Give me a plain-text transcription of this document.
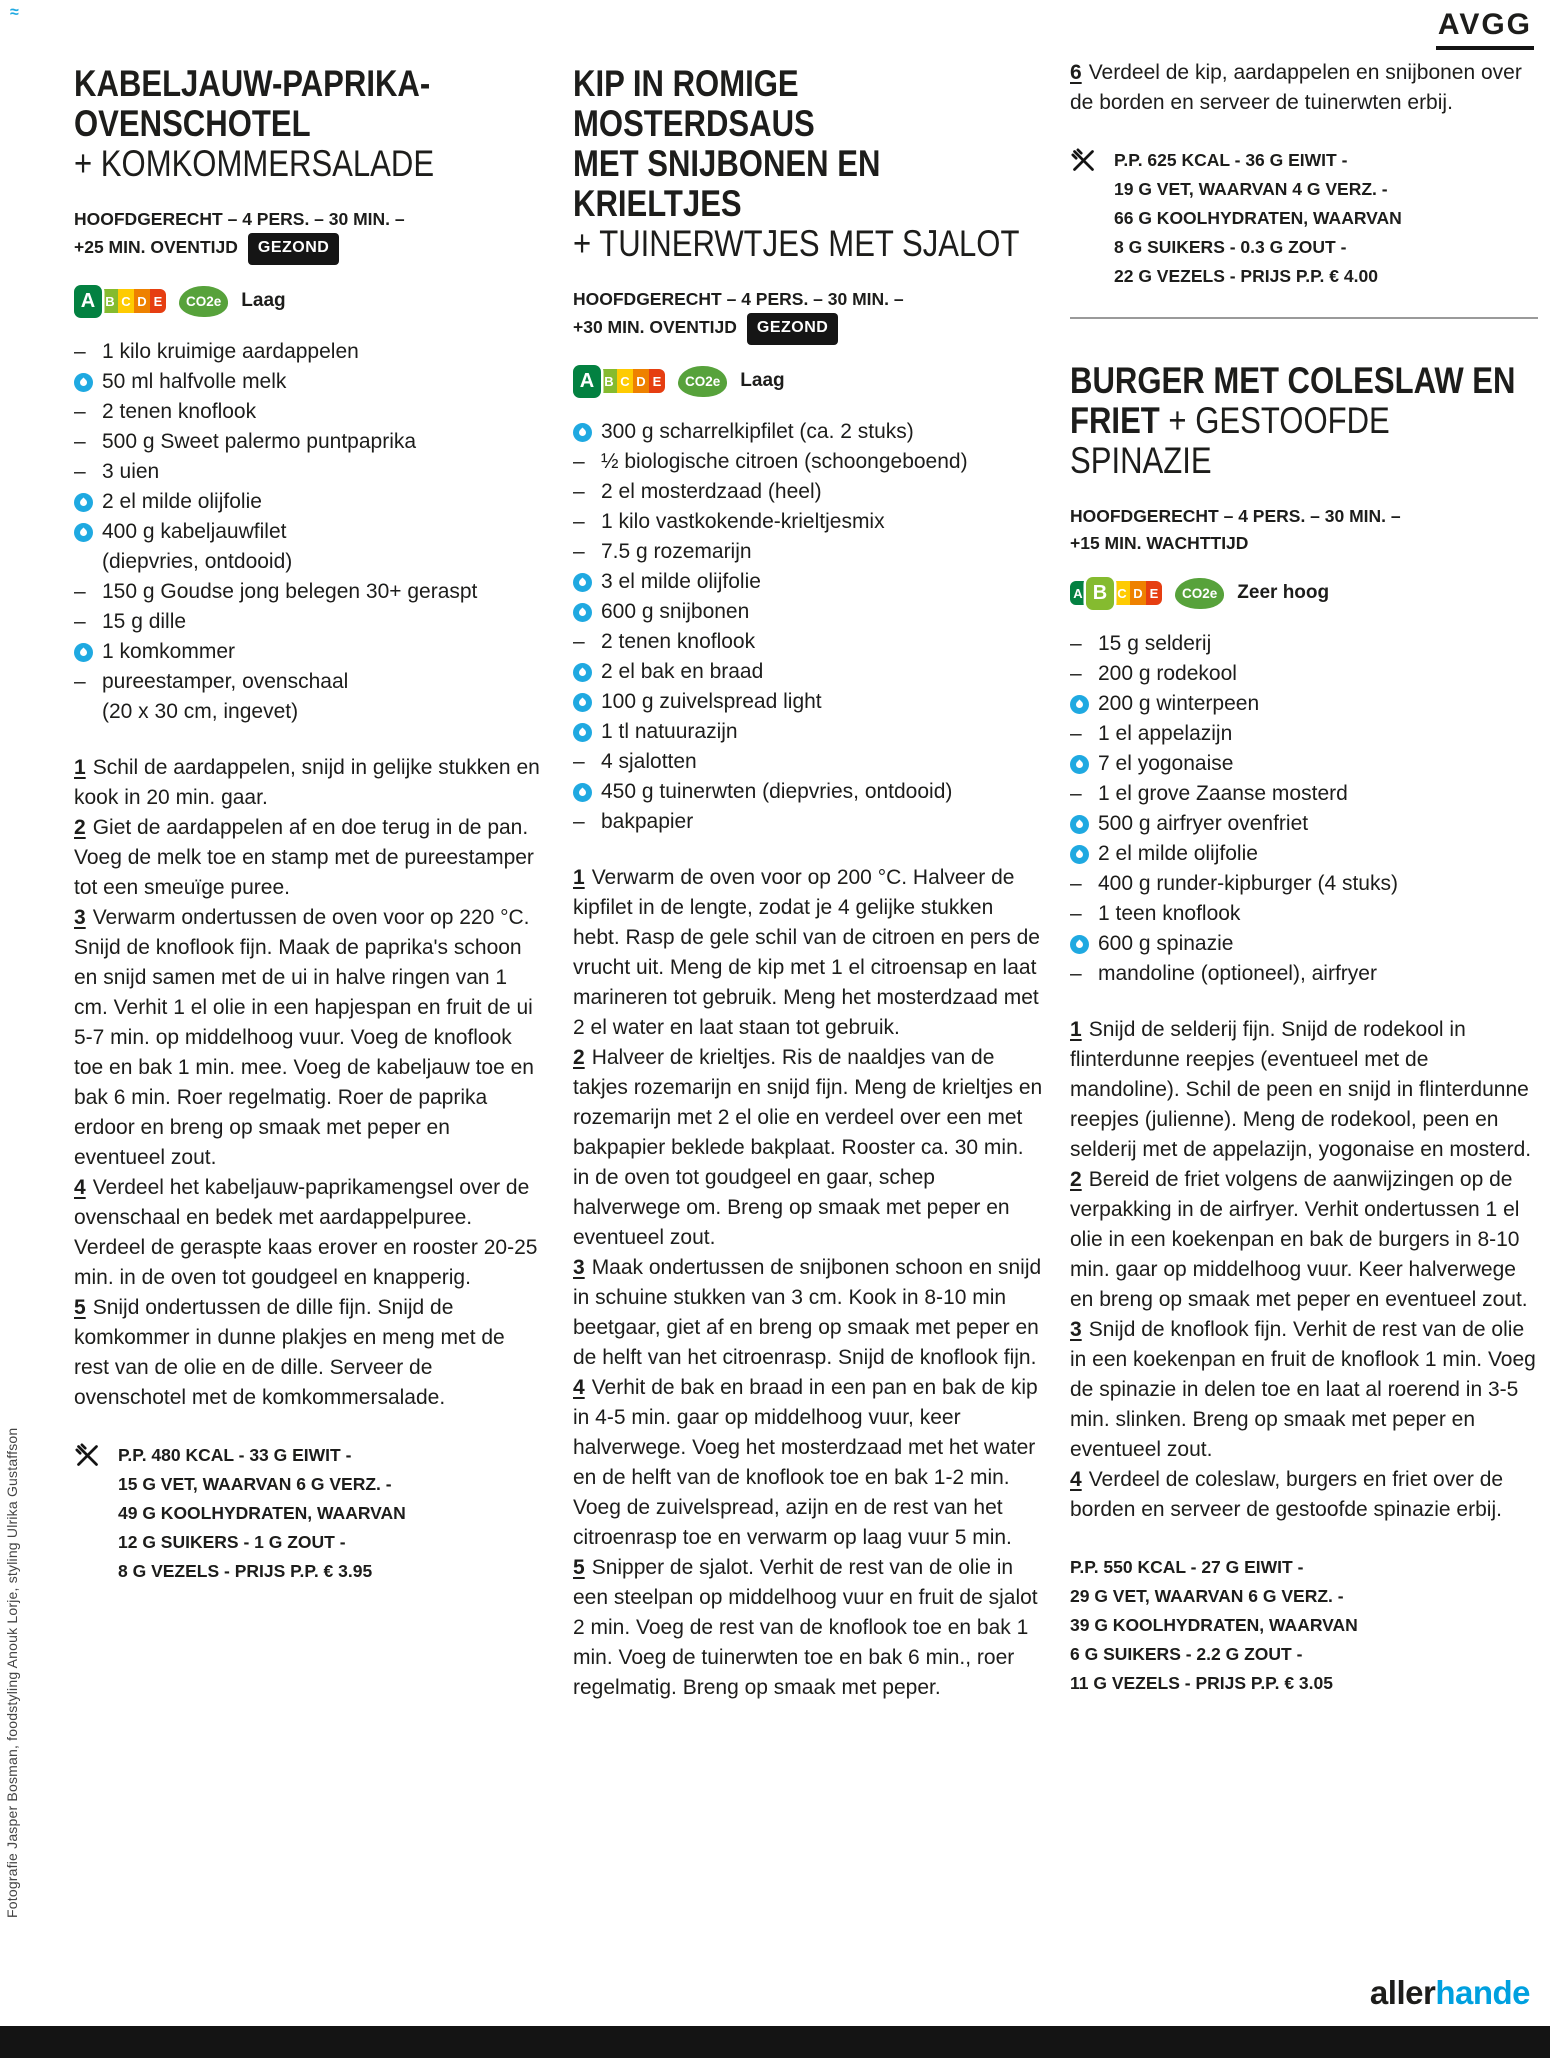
≈	AVGG
KABELJAUW-PAPRIKA-
OVENSCHOTEL
+ KOMKOMMERSALADE
HOOFDGERECHT – 4 PERS. – 30 MIN. –
+25 MIN. OVENTIJD GEZOND
A B C D E	CO2e	Laag
– 1 kilo kruimige aardappelen
50 ml halfvolle melk
– 2 tenen knoflook
– 500 g Sweet palermo puntpaprika
– 3 uien
2 el milde olijfolie
400 g kabeljauwfilet
(diepvries, ontdooid)
– 150 g Goudse jong belegen 30+ geraspt
– 15 g dille
1 komkommer
– pureestamper, ovenschaal
(20 x 30 cm, ingevet)

1 Schil de aardappelen, snijd in gelijke stukken en kook in 20 min. gaar.

2 Giet de aardappelen af en doe terug in de pan. Voeg de melk toe en stamp met de pureestamper tot een smeuïge puree.

3 Verwarm ondertussen de oven voor op 220 °C. Snijd de knoflook fijn. Maak de paprika's schoon en snijd samen met de ui in halve ringen van 1 cm. Verhit 1 el olie in een hapjespan en fruit de ui 5-7 min. op middelhoog vuur. Voeg de knoflook toe en bak 1 min. mee. Voeg de kabeljauw toe en bak 6 min. Roer regelmatig. Roer de paprika erdoor en breng op smaak met peper en eventueel zout.

4 Verdeel het kabeljauw-paprikamengsel over de ovenschaal en bedek met aardappelpuree. Verdeel de geraspte kaas erover en rooster 20-25 min. in de oven tot goudgeel en knapperig.

5 Snijd ondertussen de dille fijn. Snijd de komkommer in dunne plakjes en meng met de rest van de olie en de dille. Serveer de ovenschotel met de komkommersalade.

P.P. 480 KCAL - 33 G EIWIT -
15 G VET, WAARVAN 6 G VERZ. -
49 G KOOLHYDRATEN, WAARVAN
12 G SUIKERS - 1 G ZOUT -
8 G VEZELS - PRIJS P.P. € 3.95
KIP IN ROMIGE MOSTERDSAUS
MET SNIJBONEN EN KRIELTJES
+ TUINERWTJES MET SJALOT
HOOFDGERECHT – 4 PERS. – 30 MIN. –
+30 MIN. OVENTIJD GEZOND
A B C D E	CO2e	Laag
300 g scharrelkipfilet (ca. 2 stuks)
– ½ biologische citroen (schoongeboend)
– 2 el mosterdzaad (heel)
– 1 kilo vastkokende-krieltjesmix
– 7.5 g rozemarijn
3 el milde olijfolie
600 g snijbonen
– 2 tenen knoflook
2 el bak en braad
100 g zuivelspread light
1 tl natuurazijn
– 4 sjalotten
450 g tuinerwten (diepvries, ontdooid)
– bakpapier

1 Verwarm de oven voor op 200 °C. Halveer de kipfilet in de lengte, zodat je 4 gelijke stukken hebt. Rasp de gele schil van de citroen en pers de vrucht uit. Meng de kip met 1 el citroensap en laat marineren tot gebruik. Meng het mosterdzaad met 2 el water en laat staan tot gebruik.

2 Halveer de krieltjes. Ris de naaldjes van de takjes rozemarijn en snijd fijn. Meng de krieltjes en rozemarijn met 2 el olie en verdeel over een met bakpapier beklede bakplaat. Rooster ca. 30 min. in de oven tot goudgeel en gaar, schep halverwege om. Breng op smaak met peper en eventueel zout.

3 Maak ondertussen de snijbonen schoon en snijd in schuine stukken van 3 cm. Kook in 8-10 min beetgaar, giet af en breng op smaak met peper en de helft van het citroenrasp. Snijd de knoflook fijn.

4 Verhit de bak en braad in een pan en bak de kip in 4-5 min. gaar op middelhoog vuur, keer halverwege. Voeg het mosterdzaad met het water en de helft van de knoflook toe en bak 1-2 min. Voeg de zuivelspread, azijn en de rest van het citroenrasp toe en verwarm op laag vuur 5 min.

5 Snipper de sjalot. Verhit de rest van de olie in een steelpan op middelhoog vuur en fruit de sjalot 2 min. Voeg de rest van de knoflook toe en bak 1 min. Voeg de tuinerwten toe en bak 6 min., roer regelmatig. Breng op smaak met peper.

6 Verdeel de kip, aardappelen en snijbonen over de borden en serveer de tuinerwten erbij.

P.P. 625 KCAL - 36 G EIWIT -
19 G VET, WAARVAN 4 G VERZ. -
66 G KOOLHYDRATEN, WAARVAN
8 G SUIKERS - 0.3 G ZOUT -
22 G VEZELS - PRIJS P.P. € 4.00
BURGER MET COLESLAW EN
FRIET + GESTOOFDE SPINAZIE
HOOFDGERECHT – 4 PERS. – 30 MIN. –
+15 MIN. WACHTTIJD
A B C D E	CO2e	Zeer hoog
– 15 g selderij
– 200 g rodekool
200 g winterpeen
– 1 el appelazijn
7 el yogonaise
– 1 el grove Zaanse mosterd
500 g airfryer ovenfriet
2 el milde olijfolie
– 400 g runder-kipburger (4 stuks)
– 1 teen knoflook
600 g spinazie
– mandoline (optioneel), airfryer

1 Snijd de selderij fijn. Snijd de rodekool in flinterdunne reepjes (eventueel met de mandoline). Schil de peen en snijd in flinterdunne reepjes (julienne). Meng de rodekool, peen en selderij met de appelazijn, yogonaise en mosterd.

2 Bereid de friet volgens de aanwijzingen op de verpakking in de airfryer. Verhit ondertussen 1 el olie in een koekenpan en bak de burgers in 8-10 min. gaar op middelhoog vuur. Keer halverwege en breng op smaak met peper en eventueel zout.

3 Snijd de knoflook fijn. Verhit de rest van de olie in een koekenpan en fruit de knoflook 1 min. Voeg de spinazie in delen toe en laat al roerend in 3-5 min. slinken. Breng op smaak met peper en eventueel zout.

4 Verdeel de coleslaw, burgers en friet over de borden en serveer de gestoofde spinazie erbij.

P.P. 550 KCAL - 27 G EIWIT -
29 G VET, WAARVAN 6 G VERZ. -
39 G KOOLHYDRATEN, WAARVAN
6 G SUIKERS - 2.2 G ZOUT -
11 G VEZELS - PRIJS P.P. € 3.05
Fotografie Jasper Bosman, foodstyling Anouk Lorje, styling Ulrika Gustaffson
allerhande
